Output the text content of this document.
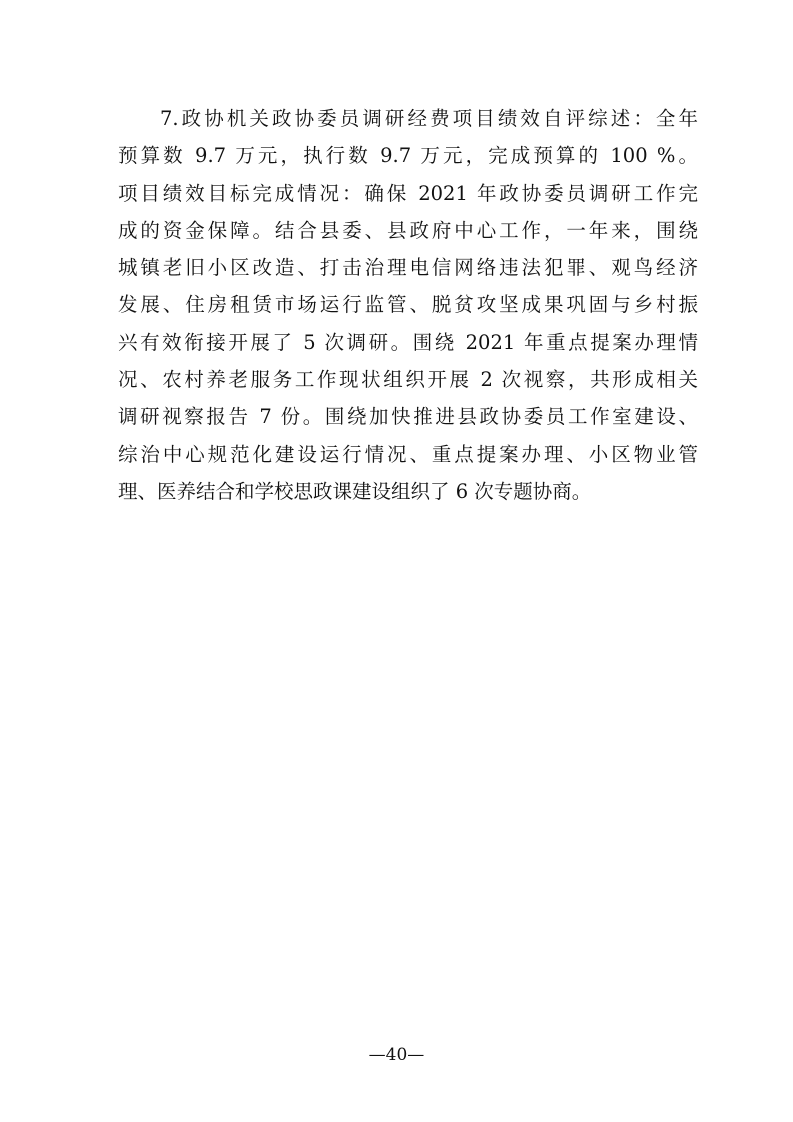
7.政协机关政协委员调研经费项目绩效自评综述：全年
预算数 9.7 万元，执行数 9.7 万元，完成预算的 100 %。
项目绩效目标完成情况：确保 2021 年政协委员调研工作完
成的资金保障。结合县委、县政府中心工作，一年来，围绕
城镇老旧小区改造、打击治理电信网络违法犯罪、观鸟经济
发展、住房租赁市场运行监管、脱贫攻坚成果巩固与乡村振
兴有效衔接开展了 5 次调研。围绕 2021 年重点提案办理情
况、农村养老服务工作现状组织开展 2 次视察，共形成相关
调研视察报告 7 份。围绕加快推进县政协委员工作室建设、
综治中心规范化建设运行情况、重点提案办理、小区物业管
理、医养结合和学校思政课建设组织了 6 次专题协商。
—40—
